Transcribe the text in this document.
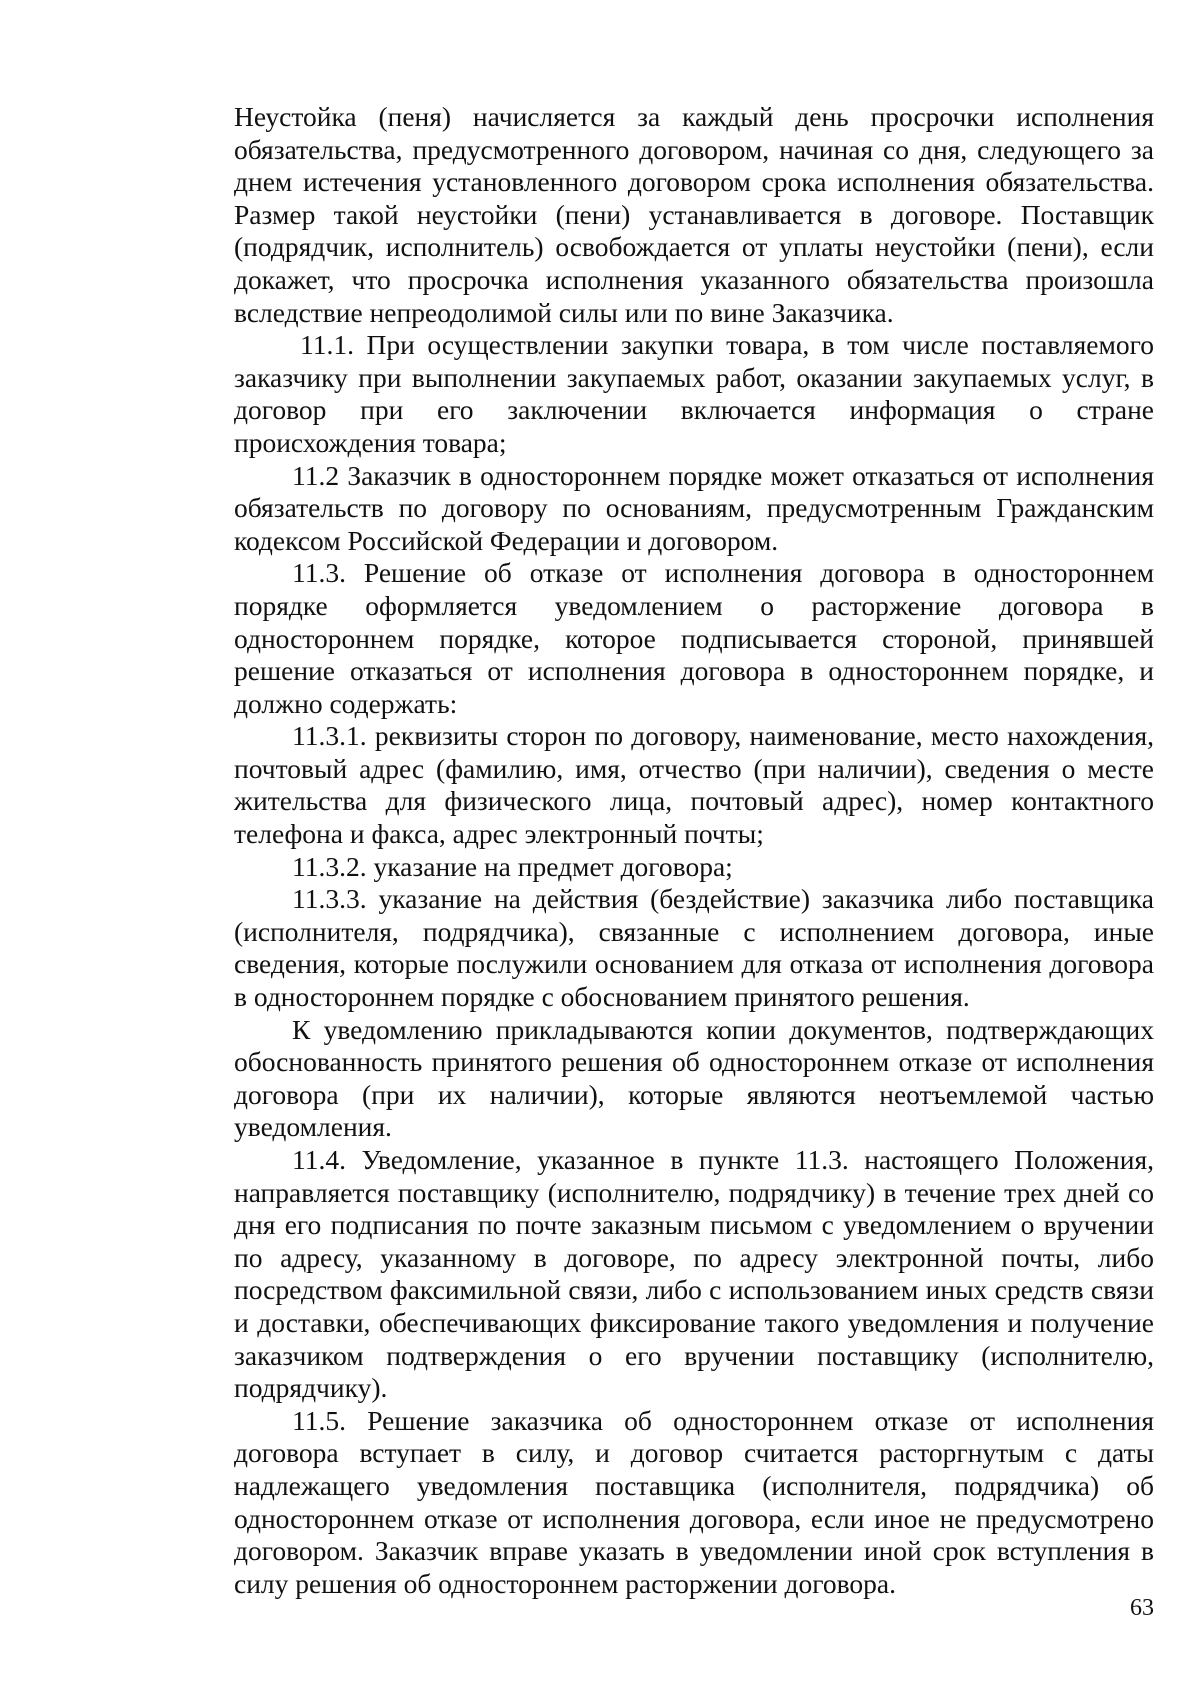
Неустойка (пеня) начисляется за каждый день просрочки исполнения обязательства, предусмотренного договором, начиная со дня, следующего за днем истечения установленного договором срока исполнения обязательства. Размер такой неустойки (пени) устанавливается в договоре. Поставщик (подрядчик, исполнитель) освобождается от уплаты неустойки (пени), если докажет, что просрочка исполнения указанного обязательства произошла вследствие непреодолимой силы или по вине Заказчика.

11.1. При осуществлении закупки товара, в том числе поставляемого заказчику при выполнении закупаемых работ, оказании закупаемых услуг, в договор при его заключении включается информация о стране происхождения товара;

11.2 Заказчик в одностороннем порядке может отказаться от исполнения обязательств по договору по основаниям, предусмотренным Гражданским кодексом Российской Федерации и договором.

11.3. Решение об отказе от исполнения договора в одностороннем порядке оформляется уведомлением о расторжение договора в одностороннем порядке, которое подписывается стороной, принявшей решение отказаться от исполнения договора в одностороннем порядке, и должно содержать:

11.3.1. реквизиты сторон по договору, наименование, место нахождения, почтовый адрес (фамилию, имя, отчество (при наличии), сведения о месте жительства для физического лица, почтовый адрес), номер контактного телефона и факса, адрес электронный почты;

11.3.2. указание на предмет договора;

11.3.3. указание на действия (бездействие) заказчика либо поставщика (исполнителя, подрядчика), связанные с исполнением договора, иные сведения, которые послужили основанием для отказа от исполнения договора в одностороннем порядке с обоснованием принятого решения.

К уведомлению прикладываются копии документов, подтверждающих обоснованность принятого решения об одностороннем отказе от исполнения договора (при их наличии), которые являются неотъемлемой частью уведомления.

11.4. Уведомление, указанное в пункте 11.3. настоящего Положения, направляется поставщику (исполнителю, подрядчику) в течение трех дней со дня его подписания по почте заказным письмом с уведомлением о вручении по адресу, указанному в договоре, по адресу электронной почты, либо посредством факсимильной связи, либо с использованием иных средств связи и доставки, обеспечивающих фиксирование такого уведомления и получение заказчиком подтверждения о его вручении поставщику (исполнителю, подрядчику).

11.5. Решение заказчика об одностороннем отказе от исполнения договора вступает в силу, и договор считается расторгнутым с даты надлежащего уведомления поставщика (исполнителя, подрядчика) об одностороннем отказе от исполнения договора, если иное не предусмотрено договором. Заказчик вправе указать в уведомлении иной срок вступления в силу решения об одностороннем расторжении договора.

63
